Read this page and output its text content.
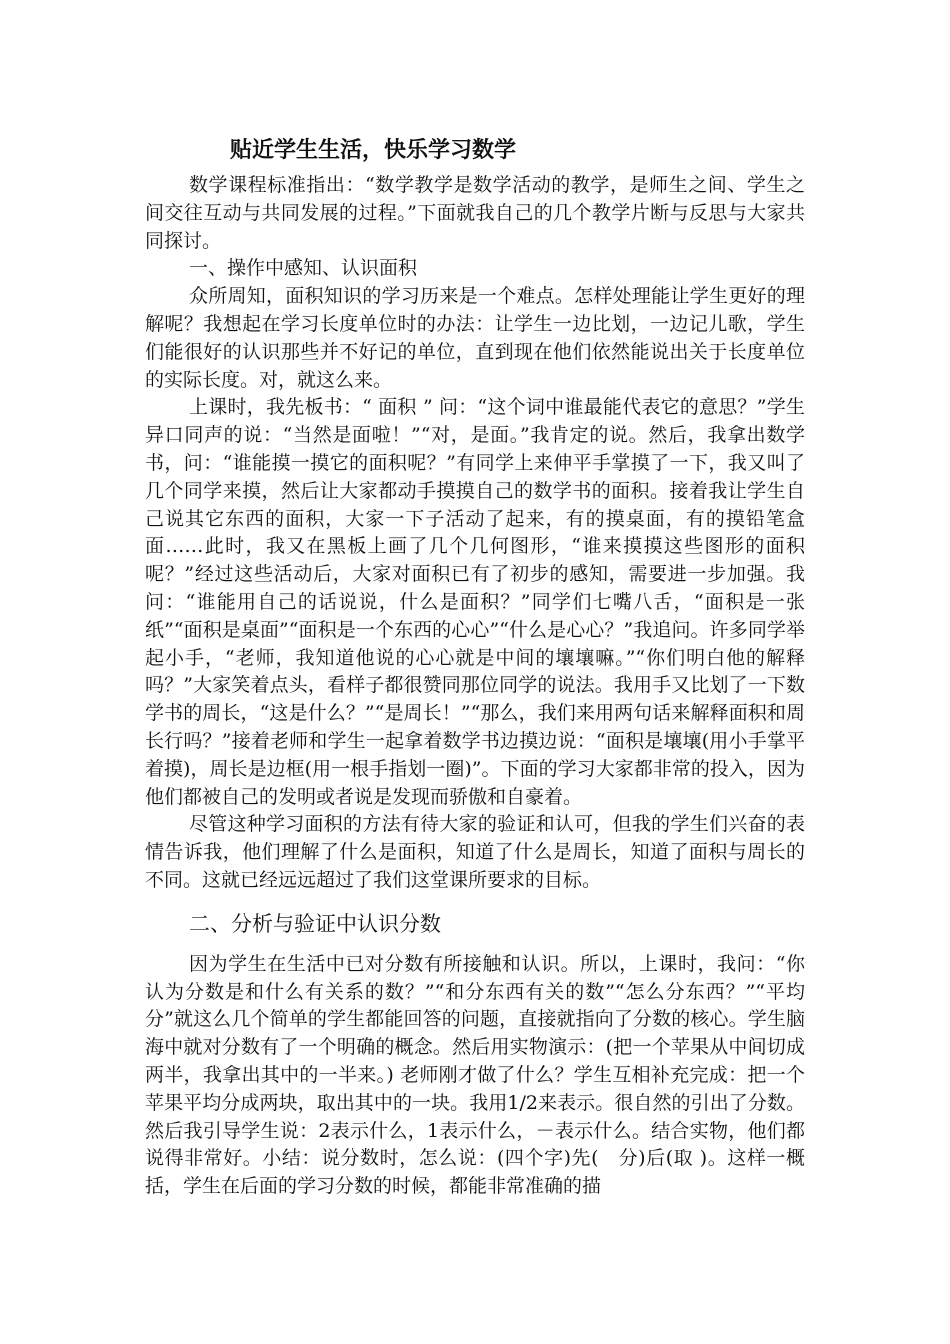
贴近学生生活，快乐学习数学

数学课程标准指出：“数学教学是数学活动的教学，是师生之间、学生之间交往互动与共同发展的过程。”下面就我自己的几个教学片断与反思与大家共同探讨。

一、操作中感知、认识面积

众所周知，面积知识的学习历来是一个难点。怎样处理能让学生更好的理解呢？我想起在学习长度单位时的办法：让学生一边比划，一边记儿歌，学生们能很好的认识那些并不好记的单位，直到现在他们依然能说出关于长度单位的实际长度。对，就这么来。

上课时，我先板书：“ 面积 ” 问：“这个词中谁最能代表它的意思？”学生异口同声的说：“当然是面啦！”“对，是面。”我肯定的说。然后，我拿出数学书，问：“谁能摸一摸它的面积呢？”有同学上来伸平手掌摸了一下，我又叫了几个同学来摸，然后让大家都动手摸摸自己的数学书的面积。接着我让学生自己说其它东西的面积，大家一下子活动了起来，有的摸桌面，有的摸铅笔盒面……此时，我又在黑板上画了几个几何图形，“谁来摸摸这些图形的面积呢？”经过这些活动后，大家对面积已有了初步的感知，需要进一步加强。我问：“谁能用自己的话说说，什么是面积？”同学们七嘴八舌，“面积是一张纸”“面积是桌面”“面积是一个东西的心心”“什么是心心？”我追问。许多同学举起小手，“老师，我知道他说的心心就是中间的壤壤嘛。”“你们明白他的解释吗？”大家笑着点头，看样子都很赞同那位同学的说法。我用手又比划了一下数学书的周长，“这是什么？”“是周长！”“那么，我们来用两句话来解释面积和周长行吗？”接着老师和学生一起拿着数学书边摸边说：“面积是壤壤(用小手掌平着摸)，周长是边框(用一根手指划一圈)”。下面的学习大家都非常的投入，因为他们都被自己的发明或者说是发现而骄傲和自豪着。

尽管这种学习面积的方法有待大家的验证和认可，但我的学生们兴奋的表情告诉我，他们理解了什么是面积，知道了什么是周长，知道了面积与周长的不同。这就已经远远超过了我们这堂课所要求的目标。

二、分析与验证中认识分数

因为学生在生活中已对分数有所接触和认识。所以，上课时，我问：“你认为分数是和什么有关系的数？”“和分东西有关的数”“怎么分东西？”“平均分”就这么几个简单的学生都能回答的问题，直接就指向了分数的核心。学生脑海中就对分数有了一个明确的概念。然后用实物演示：(把一个苹果从中间切成两半，我拿出其中的一半来。) 老师刚才做了什么？学生互相补充完成：把一个苹果平均分成两块，取出其中的一块。我用1/2来表示。很自然的引出了分数。然后我引导学生说：2表示什么，1表示什么，－表示什么。结合实物，他们都说得非常好。小结：说分数时，怎么说：(四个字)先(　分)后(取 )。这样一概括，学生在后面的学习分数的时候，都能非常准确的描
